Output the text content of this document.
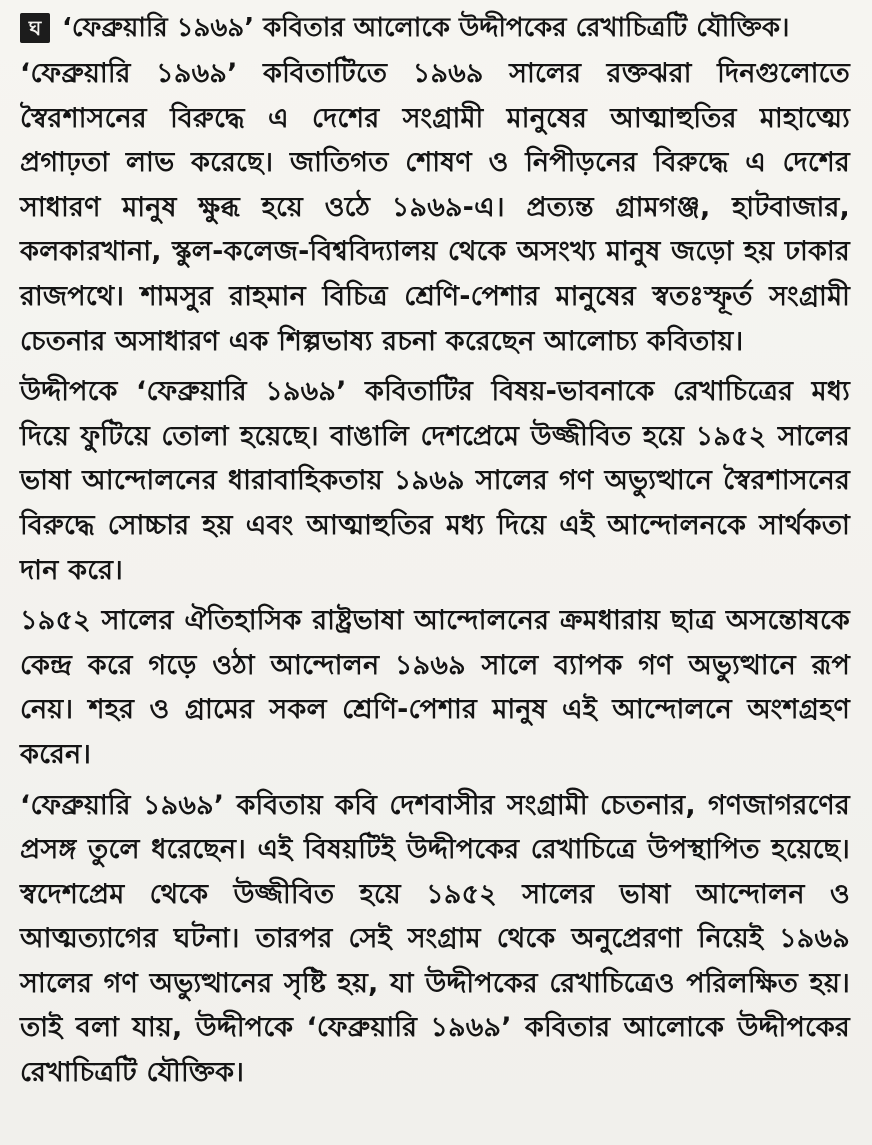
ঘ ‘ফেব্রুয়ারি ১৯৬৯’ কবিতার আলোকে উদ্দীপকের রেখাচিত্রটি যৌক্তিক।

‘ফেব্রুয়ারি ১৯৬৯’ কবিতাটিতে ১৯৬৯ সালের রক্তঝরা দিনগুলোতে স্বৈরশাসনের বিরুদ্ধে এ দেশের সংগ্রামী মানুষের আত্মাহুতির মাহাত্ম্যে প্রগাঢ়তা লাভ করেছে। জাতিগত শোষণ ও নিপীড়নের বিরুদ্ধে এ দেশের সাধারণ মানুষ ক্ষুব্ধ হয়ে ওঠে ১৯৬৯-এ। প্রত্যন্ত গ্রামগঞ্জ, হাটবাজার, কলকারখানা, স্কুল-কলেজ-বিশ্ববিদ্যালয় থেকে অসংখ্য মানুষ জড়ো হয় ঢাকার রাজপথে। শামসুর রাহমান বিচিত্র শ্রেণি-পেশার মানুষের স্বতঃস্ফূর্ত সংগ্রামী চেতনার অসাধারণ এক শিল্পভাষ্য রচনা করেছেন আলোচ্য কবিতায়।

উদ্দীপকে ‘ফেব্রুয়ারি ১৯৬৯’ কবিতাটির বিষয়-ভাবনাকে রেখাচিত্রের মধ্য দিয়ে ফুটিয়ে তোলা হয়েছে। বাঙালি দেশপ্রেমে উজ্জীবিত হয়ে ১৯৫২ সালের ভাষা আন্দোলনের ধারাবাহিকতায় ১৯৬৯ সালের গণ অভ্যুত্থানে স্বৈরশাসনের বিরুদ্ধে সোচ্চার হয় এবং আত্মাহুতির মধ্য দিয়ে এই আন্দোলনকে সার্থকতা দান করে।

১৯৫২ সালের ঐতিহাসিক রাষ্ট্রভাষা আন্দোলনের ক্রমধারায় ছাত্র অসন্তোষকে কেন্দ্র করে গড়ে ওঠা আন্দোলন ১৯৬৯ সালে ব্যাপক গণ অভ্যুত্থানে রূপ নেয়। শহর ও গ্রামের সকল শ্রেণি-পেশার মানুষ এই আন্দোলনে অংশগ্রহণ করেন।

‘ফেব্রুয়ারি ১৯৬৯’ কবিতায় কবি দেশবাসীর সংগ্রামী চেতনার, গণজাগরণের প্রসঙ্গ তুলে ধরেছেন। এই বিষয়টিই উদ্দীপকের রেখাচিত্রে উপস্থাপিত হয়েছে। স্বদেশপ্রেম থেকে উজ্জীবিত হয়ে ১৯৫২ সালের ভাষা আন্দোলন ও আত্মত্যাগের ঘটনা। তারপর সেই সংগ্রাম থেকে অনুপ্রেরণা নিয়েই ১৯৬৯ সালের গণ অভ্যুত্থানের সৃষ্টি হয়, যা উদ্দীপকের রেখাচিত্রেও পরিলক্ষিত হয়। তাই বলা যায়, উদ্দীপকে ‘ফেব্রুয়ারি ১৯৬৯’ কবিতার আলোকে উদ্দীপকের রেখাচিত্রটি যৌক্তিক।
